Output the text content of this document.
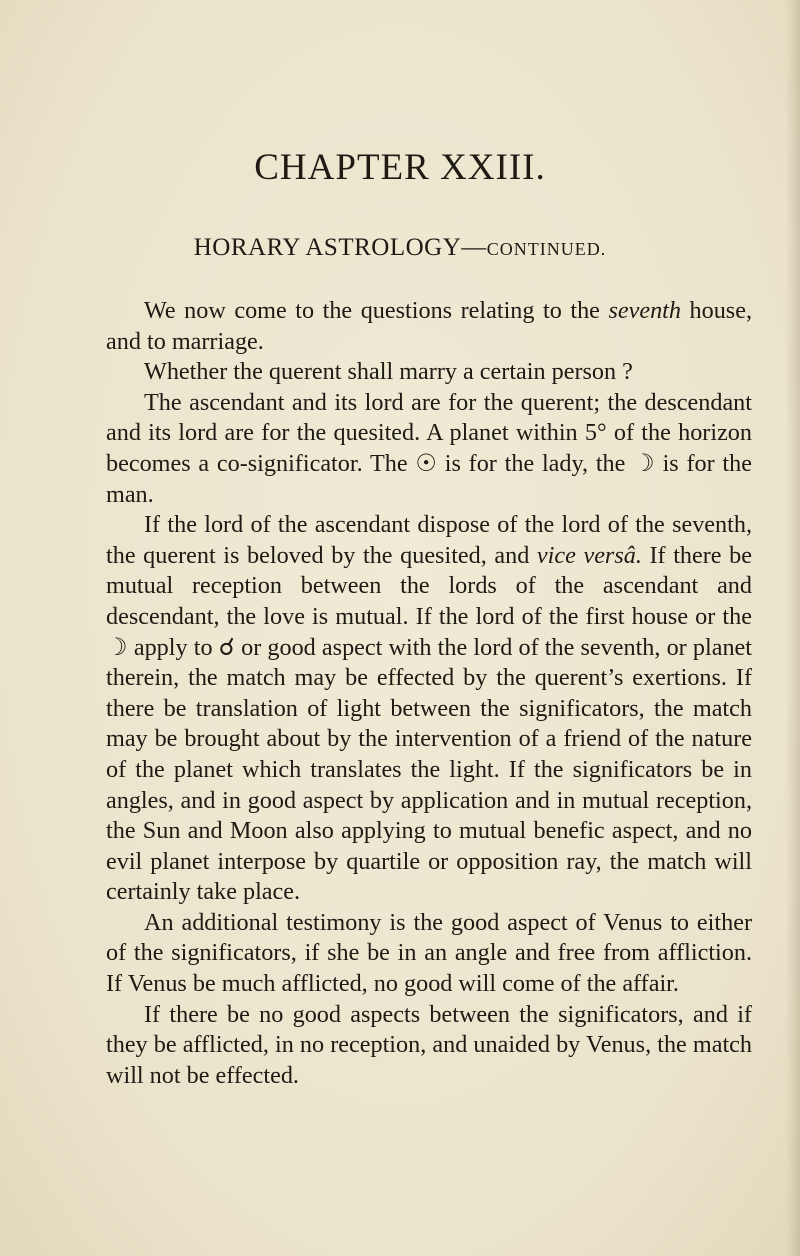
CHAPTER XXIII.
HORARY ASTROLOGY—CONTINUED.

We now come to the questions relating to the seventh house, and to marriage.

Whether the querent shall marry a certain person ?

The ascendant and its lord are for the querent; the descendant and its lord are for the quesited. A planet within 5° of the horizon becomes a co-significator. The ☉ is for the lady, the ☽ is for the man.

If the lord of the ascendant dispose of the lord of the seventh, the querent is beloved by the quesited, and vice versâ. If there be mutual reception between the lords of the ascendant and descendant, the love is mutual. If the lord of the first house or the ☽ apply to ☌ or good aspect with the lord of the seventh, or planet therein, the match may be effected by the querent’s exertions. If there be translation of light between the significators, the match may be brought about by the intervention of a friend of the nature of the planet which translates the light. If the significators be in angles, and in good aspect by application and in mutual reception, the Sun and Moon also applying to mutual benefic aspect, and no evil planet interpose by quartile or opposition ray, the match will certainly take place.

An additional testimony is the good aspect of Venus to either of the significators, if she be in an angle and free from affliction. If Venus be much afflicted, no good will come of the affair.

If there be no good aspects between the significators, and if they be afflicted, in no reception, and unaided by Venus, the match will not be effected.
